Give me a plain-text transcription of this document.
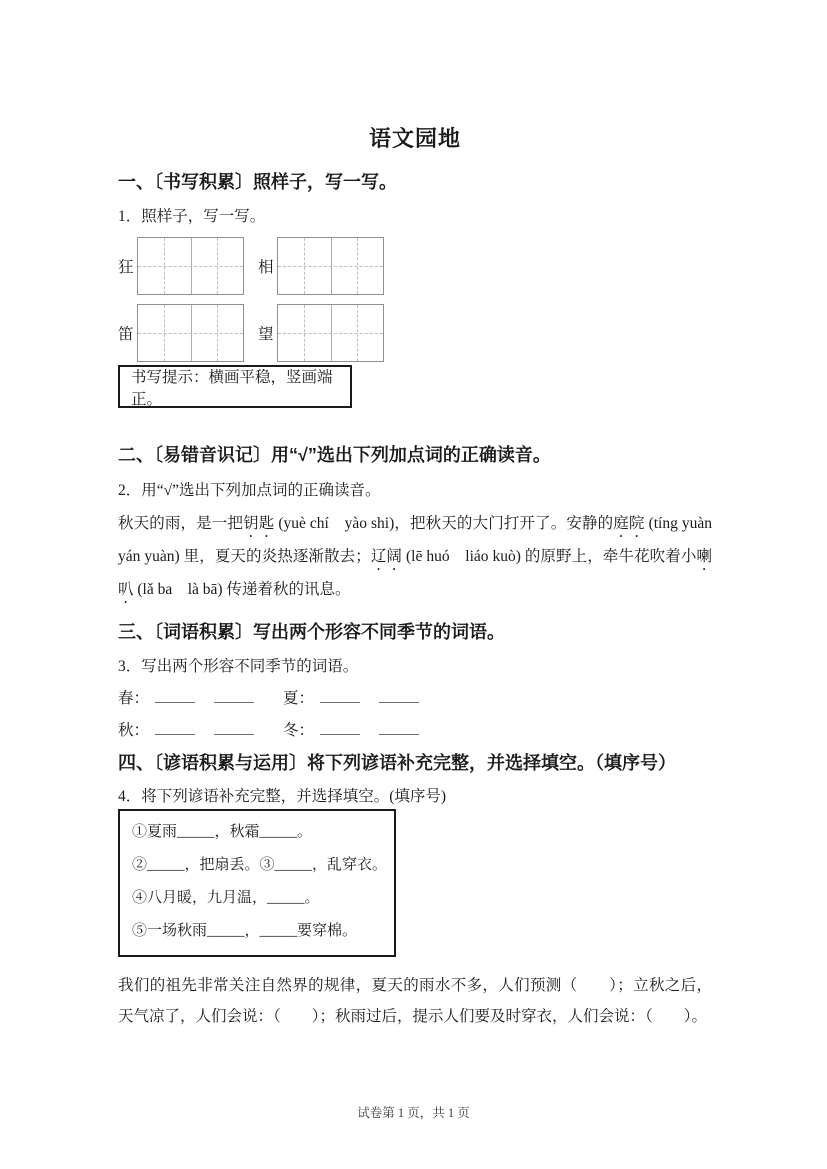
语文园地
一、〔书写积累〕照样子，写一写。

1．照样子，写一写。

狂	相
笛	望
书写提示：横画平稳，竖画端正。
二、〔易错音识记〕用“√”选出下列加点词的正确读音。

2．用“√”选出下列加点词的正确读音。

秋天的雨，是一把钥匙 (yuè chí　yào shi)，把秋天的大门打开了。安静的庭院 (tíng yuàn　yán yuàn) 里，夏天的炎热逐渐散去；辽阔 (lē huó　liáo kuò) 的原野上，牵牛花吹着小喇叭 (lǎ ba　là bā) 传递着秋的讯息。

三、〔词语积累〕写出两个形容不同季节的词语。

3．写出两个形容不同季节的词语。

春：	夏：
秋：	冬：
四、〔谚语积累与运用〕将下列谚语补充完整，并选择填空。（填序号）

4．将下列谚语补充完整，并选择填空。(填序号)

①夏雨_____，秋霜_____。
②_____，把扇丢。③_____，乱穿衣。
④八月暖，九月温，_____。
⑤一场秋雨_____，_____要穿棉。

我们的祖先非常关注自然界的规律，夏天的雨水不多，人们预测（　　）；立秋之后，天气凉了，人们会说：（　　）；秋雨过后，提示人们要及时穿衣，人们会说：（　　）。

试卷第 1 页，共 1 页
